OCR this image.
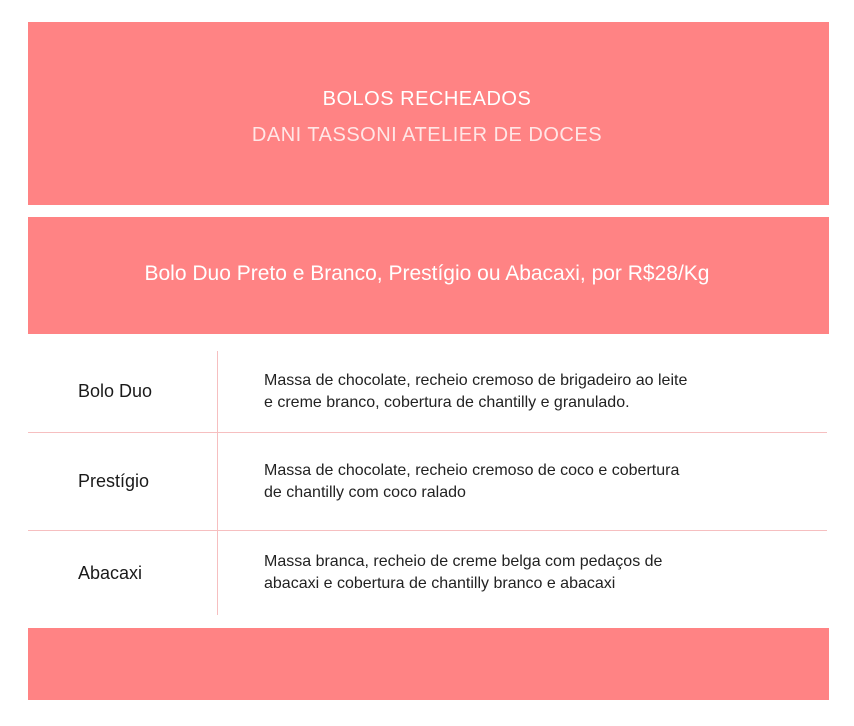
BOLOS RECHEADOS
DANI TASSONI ATELIER DE DOCES
Bolo Duo Preto e Branco, Prestígio ou Abacaxi, por R$28/Kg
Bolo Duo
Massa de chocolate, recheio cremoso de brigadeiro ao leite
e creme branco, cobertura de chantilly e granulado.
Prestígio
Massa de chocolate, recheio cremoso de coco e cobertura
de chantilly com coco ralado
Abacaxi
Massa branca, recheio de creme belga com pedaços de
abacaxi e cobertura de chantilly branco e abacaxi
